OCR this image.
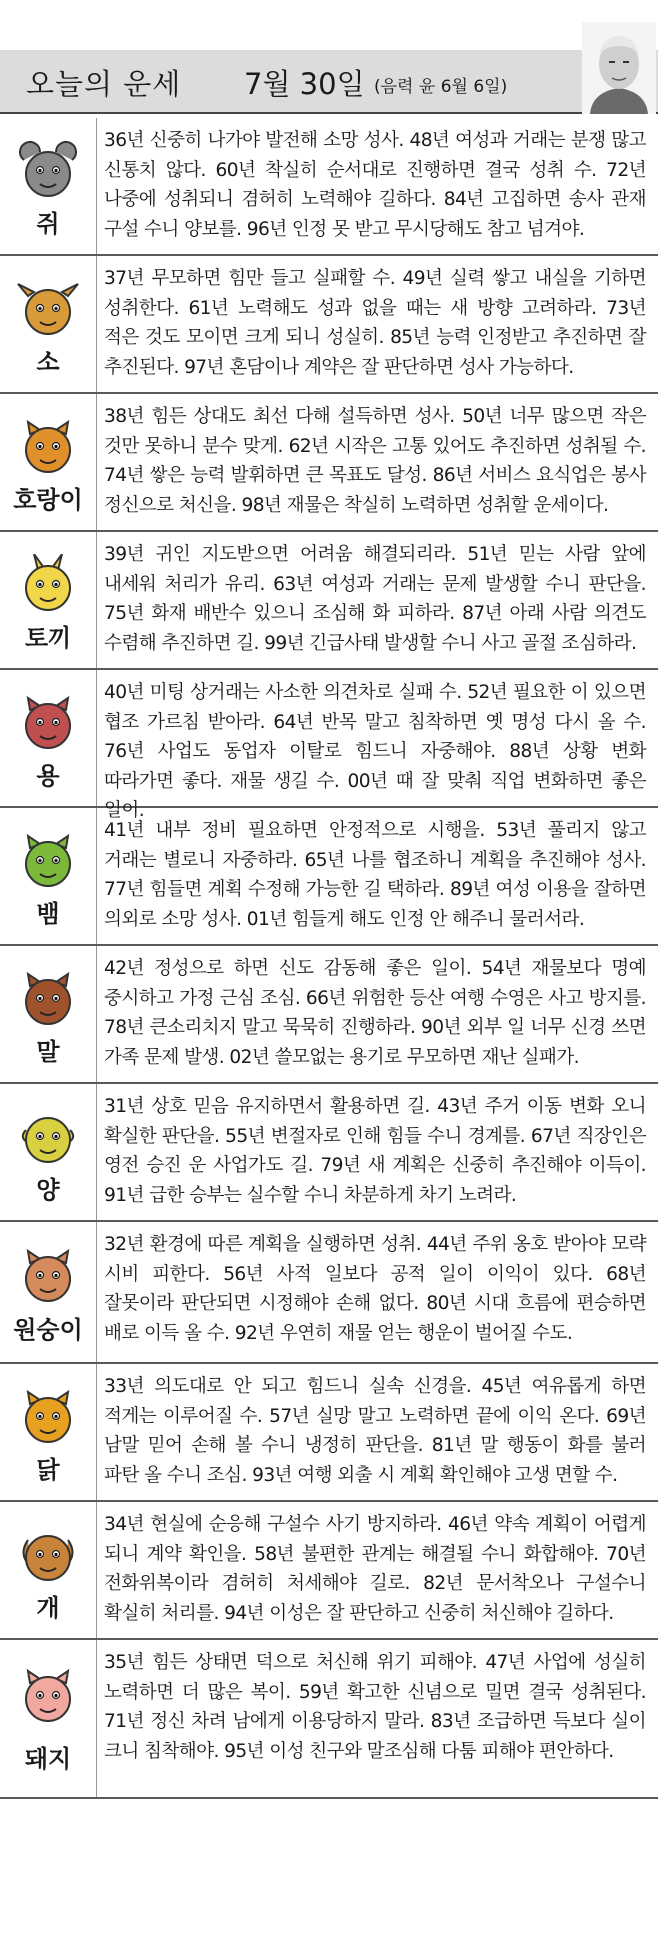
오늘의 운세 7월 30일 (음력 윤 6월 6일)
쥐
36년 신중히 나가야 발전해 소망 성사. 48년 여성과 거래는 분쟁 많고 신통치 않다. 60년 착실히 순서대로 진행하면 결국 성취 수. 72년 나중에 성취되니 겸허히 노력해야 길하다. 84년 고집하면 송사 관재 구설 수니 양보를. 96년 인정 못 받고 무시당해도 참고 넘겨야.
소
37년 무모하면 힘만 들고 실패할 수. 49년 실력 쌓고 내실을 기하면 성취한다. 61년 노력해도 성과 없을 때는 새 방향 고려하라. 73년 적은 것도 모이면 크게 되니 성실히. 85년 능력 인정받고 추진하면 잘 추진된다. 97년 혼담이나 계약은 잘 판단하면 성사 가능하다.
호랑이
38년 힘든 상대도 최선 다해 설득하면 성사. 50년 너무 많으면 작은 것만 못하니 분수 맞게. 62년 시작은 고통 있어도 추진하면 성취될 수. 74년 쌓은 능력 발휘하면 큰 목표도 달성. 86년 서비스 요식업은 봉사 정신으로 처신을. 98년 재물은 착실히 노력하면 성취할 운세이다.
토끼
39년 귀인 지도받으면 어려움 해결되리라. 51년 믿는 사람 앞에 내세워 처리가 유리. 63년 여성과 거래는 문제 발생할 수니 판단을. 75년 화재 배반수 있으니 조심해 화 피하라. 87년 아래 사람 의견도 수렴해 추진하면 길. 99년 긴급사태 발생할 수니 사고 골절 조심하라.
용
40년 미팅 상거래는 사소한 의견차로 실패 수. 52년 필요한 이 있으면 협조 가르침 받아라. 64년 반목 말고 침착하면 옛 명성 다시 올 수. 76년 사업도 동업자 이탈로 힘드니 자중해야. 88년 상황 변화 따라가면 좋다. 재물 생길 수. 00년 때 잘 맞춰 직업 변화하면 좋은 일이.
뱀
41년 내부 정비 필요하면 안정적으로 시행을. 53년 풀리지 않고 거래는 별로니 자중하라. 65년 나를 협조하니 계획을 추진해야 성사. 77년 힘들면 계획 수정해 가능한 길 택하라. 89년 여성 이용을 잘하면 의외로 소망 성사. 01년 힘들게 해도 인정 안 해주니 물러서라.
말
42년 정성으로 하면 신도 감동해 좋은 일이. 54년 재물보다 명예 중시하고 가정 근심 조심. 66년 위험한 등산 여행 수영은 사고 방지를. 78년 큰소리치지 말고 묵묵히 진행하라. 90년 외부 일 너무 신경 쓰면 가족 문제 발생. 02년 쓸모없는 용기로 무모하면 재난 실패가.
양
31년 상호 믿음 유지하면서 활용하면 길. 43년 주거 이동 변화 오니 확실한 판단을. 55년 변절자로 인해 힘들 수니 경계를. 67년 직장인은 영전 승진 운 사업가도 길. 79년 새 계획은 신중히 추진해야 이득이. 91년 급한 승부는 실수할 수니 차분하게 차기 노려라.
원숭이
32년 환경에 따른 계획을 실행하면 성취. 44년 주위 옹호 받아야 모략 시비 피한다. 56년 사적 일보다 공적 일이 이익이 있다. 68년 잘못이라 판단되면 시정해야 손해 없다. 80년 시대 흐름에 편승하면 배로 이득 올 수. 92년 우연히 재물 얻는 행운이 벌어질 수도.
닭
33년 의도대로 안 되고 힘드니 실속 신경을. 45년 여유롭게 하면 적게는 이루어질 수. 57년 실망 말고 노력하면 끝에 이익 온다. 69년 남말 믿어 손해 볼 수니 냉정히 판단을. 81년 말 행동이 화를 불러 파탄 올 수니 조심. 93년 여행 외출 시 계획 확인해야 고생 면할 수.
개
34년 현실에 순응해 구설수 사기 방지하라. 46년 약속 계획이 어렵게 되니 계약 확인을. 58년 불편한 관계는 해결될 수니 화합해야. 70년 전화위복이라 겸허히 처세해야 길로. 82년 문서착오나 구설수니 확실히 처리를. 94년 이성은 잘 판단하고 신중히 처신해야 길하다.
돼지
35년 힘든 상태면 덕으로 처신해 위기 피해야. 47년 사업에 성실히 노력하면 더 많은 복이. 59년 확고한 신념으로 밀면 결국 성취된다. 71년 정신 차려 남에게 이용당하지 말라. 83년 조급하면 득보다 실이 크니 침착해야. 95년 이성 친구와 말조심해 다툼 피해야 편안하다.
